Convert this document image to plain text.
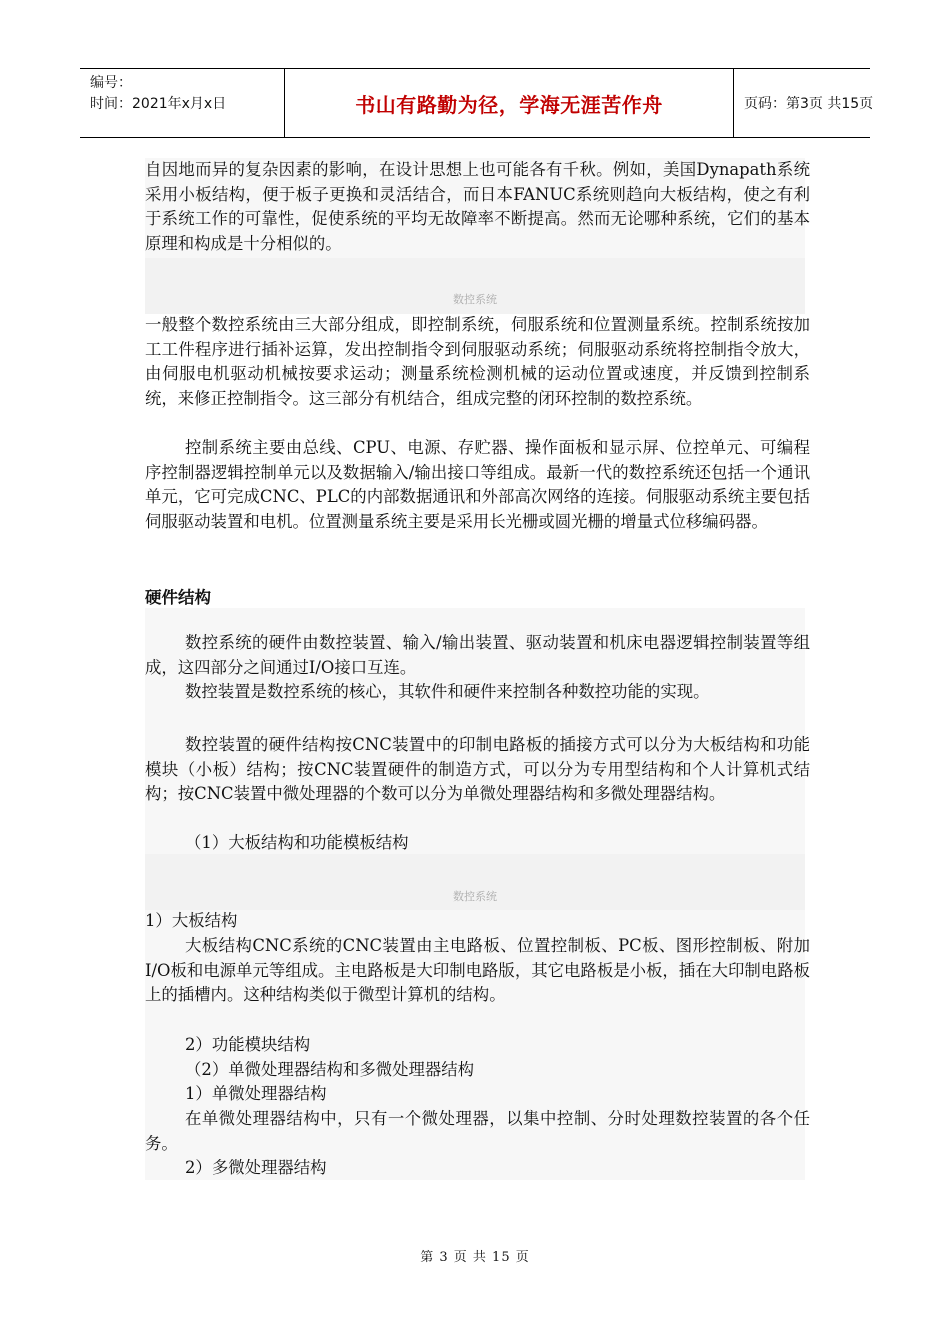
编号：
时间：2021年x月x日	书山有路勤为径，学海无涯苦作舟	页码：第3页 共15页

自因地而异的复杂因素的影响，在设计思想上也可能各有千秋。例如，美国Dynapath系统采用小板结构，便于板子更换和灵活结合，而日本FANUC系统则趋向大板结构，使之有利于系统工作的可靠性，促使系统的平均无故障率不断提高。然而无论哪种系统，它们的基本原理和构成是十分相似的。

数控系统

一般整个数控系统由三大部分组成，即控制系统，伺服系统和位置测量系统。控制系统按加工工件程序进行插补运算，发出控制指令到伺服驱动系统；伺服驱动系统将控制指令放大，由伺服电机驱动机械按要求运动；测量系统检测机械的运动位置或速度，并反馈到控制系统，来修正控制指令。这三部分有机结合，组成完整的闭环控制的数控系统。

控制系统主要由总线、CPU、电源、存贮器、操作面板和显示屏、位控单元、可编程序控制器逻辑控制单元以及数据输入/输出接口等组成。最新一代的数控系统还包括一个通讯单元，它可完成CNC、PLC的内部数据通讯和外部高次网络的连接。伺服驱动系统主要包括伺服驱动装置和电机。位置测量系统主要是采用长光栅或圆光栅的增量式位移编码器。

硬件结构

数控系统的硬件由数控装置、输入/输出装置、驱动装置和机床电器逻辑控制装置等组成，这四部分之间通过I/O接口互连。

数控装置是数控系统的核心，其软件和硬件来控制各种数控功能的实现。

数控装置的硬件结构按CNC装置中的印制电路板的插接方式可以分为大板结构和功能模块（小板）结构；按CNC装置硬件的制造方式，可以分为专用型结构和个人计算机式结构；按CNC装置中微处理器的个数可以分为单微处理器结构和多微处理器结构。

（1）大板结构和功能模板结构

数控系统

1）大板结构

大板结构CNC系统的CNC装置由主电路板、位置控制板、PC板、图形控制板、附加I/O板和电源单元等组成。主电路板是大印制电路版，其它电路板是小板，插在大印制电路板上的插槽内。这种结构类似于微型计算机的结构。

2）功能模块结构

（2）单微处理器结构和多微处理器结构

1）单微处理器结构

在单微处理器结构中，只有一个微处理器，以集中控制、分时处理数控装置的各个任务。

2）多微处理器结构

第 3 页 共 15 页
